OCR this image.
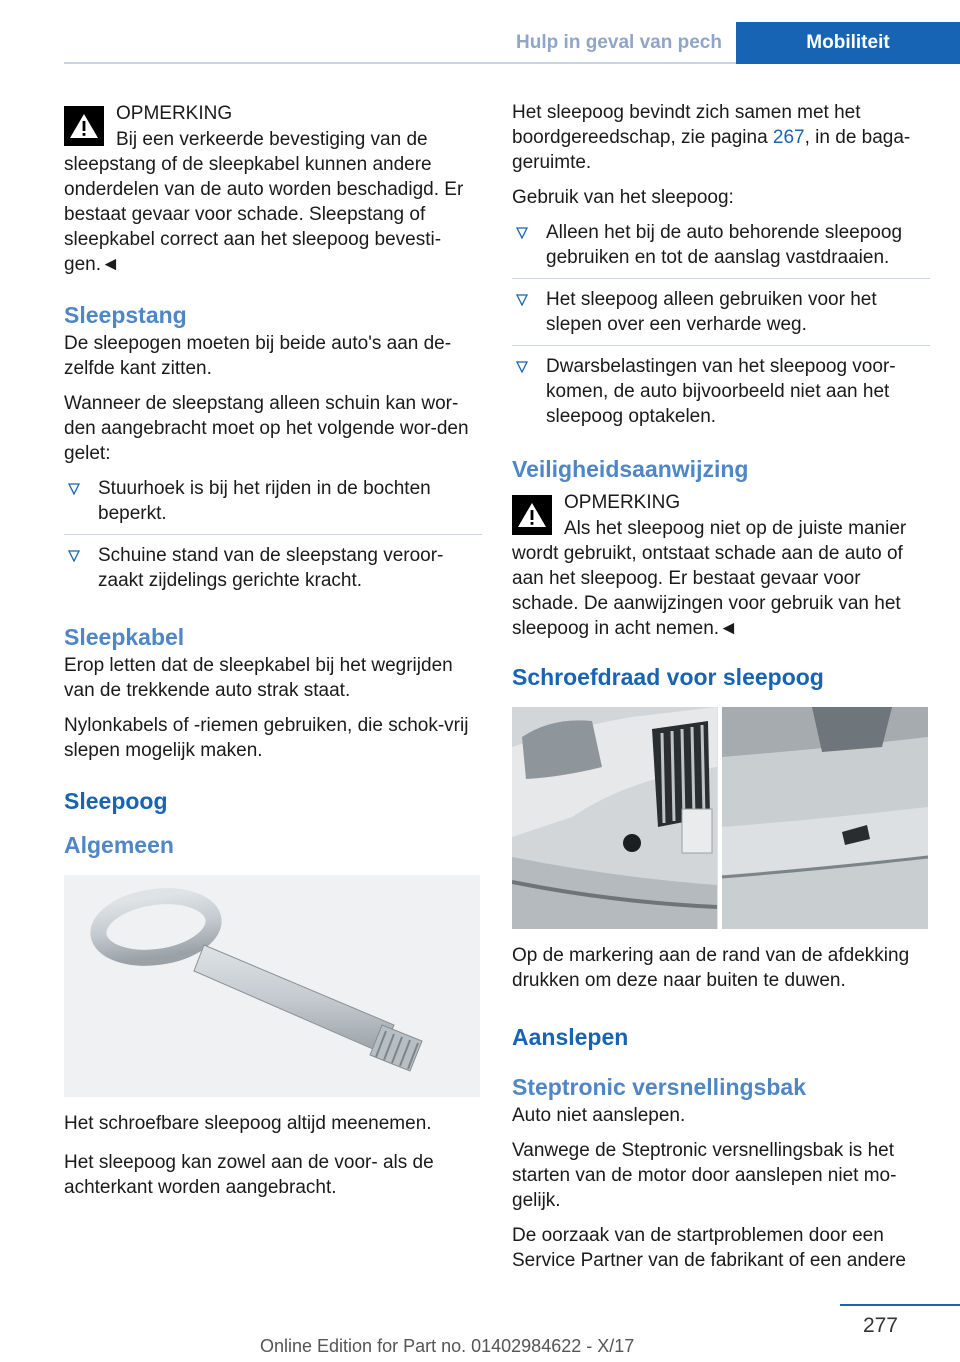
Hulp in geval van pech	Mobiliteit
OPMERKING
Bij een verkeerde bevestiging van de sleepstang of de sleepkabel kunnen andere onderdelen van de auto worden beschadigd. Er bestaat gevaar voor schade. Sleepstang of sleepkabel correct aan het sleepoog bevesti‐gen.◄
Sleepstang

De sleepogen moeten bij beide auto's aan de‐zelfde kant zitten.

Wanneer de sleepstang alleen schuin kan wor‐den aangebracht moet op het volgende wor‐den gelet:

Stuurhoek is bij het rijden in de bochten beperkt.
Schuine stand van de sleepstang veroor‐zaakt zijdelings gerichte kracht.
Sleepkabel

Erop letten dat de sleepkabel bij het wegrijden van de trekkende auto strak staat.

Nylonkabels of -riemen gebruiken, die schok‐vrij slepen mogelijk maken.

Sleepoog
Algemeen

Het schroefbare sleepoog altijd meenemen.

Het sleepoog kan zowel aan de voor- als de achterkant worden aangebracht.

Het sleepoog bevindt zich samen met het boordgereedschap, zie pagina 267, in de baga‐geruimte.

Gebruik van het sleepoog:

Alleen het bij de auto behorende sleepoog gebruiken en tot de aanslag vastdraaien.
Het sleepoog alleen gebruiken voor het slepen over een verharde weg.
Dwarsbelastingen van het sleepoog voor‐komen, de auto bijvoorbeeld niet aan het sleepoog optakelen.
Veiligheidsaanwijzing
OPMERKING
Als het sleepoog niet op de juiste manier wordt gebruikt, ontstaat schade aan de auto of aan het sleepoog. Er bestaat gevaar voor schade. De aanwijzingen voor gebruik van het sleepoog in acht nemen.◄
Schroefdraad voor sleepoog

Op de markering aan de rand van de afdekking drukken om deze naar buiten te duwen.

Aanslepen
Steptronic versnellingsbak

Auto niet aanslepen.

Vanwege de Steptronic versnellingsbak is het starten van de motor door aanslepen niet mo‐gelijk.

De oorzaak van de startproblemen door een Service Partner van de fabrikant of een andere

277
Online Edition for Part no. 01402984622 - X/17
